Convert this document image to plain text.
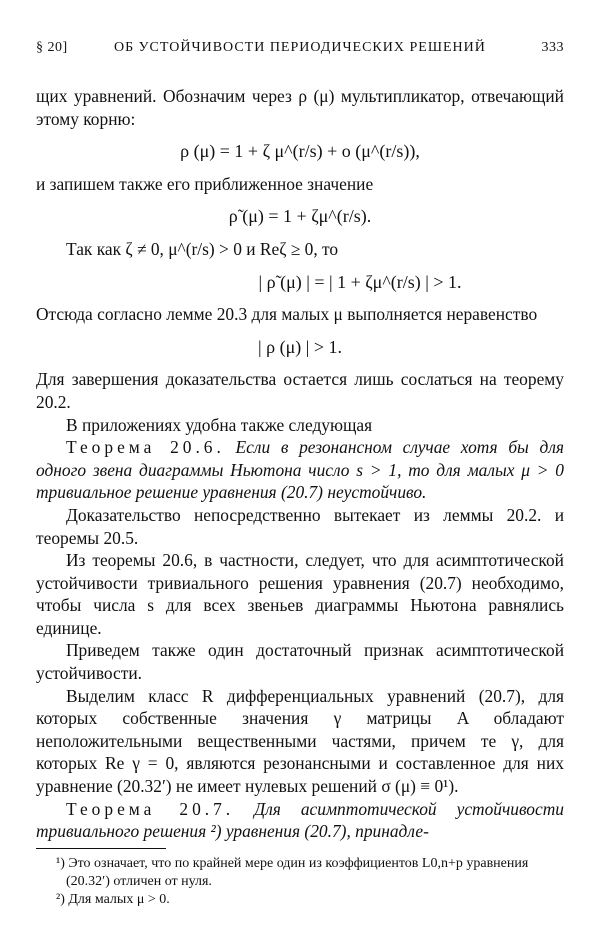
§ 20]	ОБ УСТОЙЧИВОСТИ ПЕРИОДИЧЕСКИХ РЕШЕНИЙ	333

щих уравнений. Обозначим через ρ (μ) мультипликатор, отвечающий этому корню:

ρ (μ) = 1 + ζ μ^(r/s) + o (μ^(r/s)),

и запишем также его приближенное значение

ρ̃ (μ) = 1 + ζμ^(r/s).

Так как ζ ≠ 0, μ^(r/s) > 0 и Reζ ≥ 0, то

| ρ̃ (μ) | = | 1 + ζμ^(r/s) | > 1.

Отсюда согласно лемме 20.3 для малых μ выполняется неравенство

| ρ (μ) | > 1.

Для завершения доказательства остается лишь сослаться на теорему 20.2.

В приложениях удобна также следующая

Теорема 20.6. Если в резонансном случае хотя бы для одного звена диаграммы Ньютона число s > 1, то для малых μ > 0 тривиальное решение уравнения (20.7) неустойчиво.

Доказательство непосредственно вытекает из леммы 20.2. и теоремы 20.5.

Из теоремы 20.6, в частности, следует, что для асимптотической устойчивости тривиального решения уравнения (20.7) необходимо, чтобы числа s для всех звеньев диаграммы Ньютона равнялись единице.

Приведем также один достаточный признак асимптотической устойчивости.

Выделим класс R дифференциальных уравнений (20.7), для которых собственные значения γ матрицы A обладают неположительными вещественными частями, причем те γ, для которых Re γ = 0, являются резонансными и составленное для них уравнение (20.32′) не имеет нулевых решений σ (μ) ≡ 0¹).

Теорема 20.7. Для асимптотической устойчивости тривиального решения ²) уравнения (20.7), принадле-

¹) Это означает, что по крайней мере один из коэффициентов L0,n+p уравнения (20.32′) отличен от нуля.

²) Для малых μ > 0.
